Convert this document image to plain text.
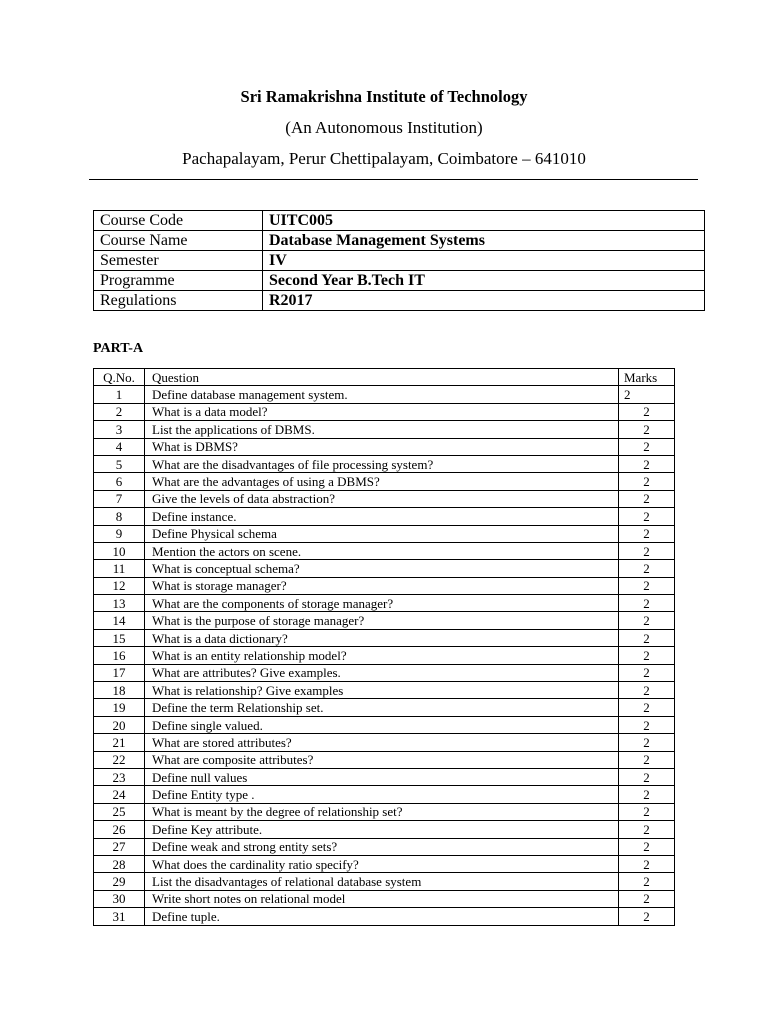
Sri Ramakrishna Institute of Technology
(An Autonomous Institution)
Pachapalayam, Perur Chettipalayam, Coimbatore – 641010
Course Code	UITC005
Course Name	Database Management Systems
Semester	IV
Programme	Second Year B.Tech IT
Regulations	R2017
PART-A
Q.No.	Question	Marks
1	Define database management system.	2
2	What is a data model?	2
3	List the applications of DBMS.	2
4	What is DBMS?	2
5	What are the disadvantages of file processing system?	2
6	What are the advantages of using a DBMS?	2
7	Give the levels of data abstraction?	2
8	Define instance.	2
9	Define Physical schema	2
10	Mention the actors on scene.	2
11	What is conceptual schema?	2
12	What is storage manager?	2
13	What are the components of storage manager?	2
14	What is the purpose of storage manager?	2
15	What is a data dictionary?	2
16	What is an entity relationship model?	2
17	What are attributes? Give examples.	2
18	What is relationship? Give examples	2
19	Define the term Relationship set.	2
20	Define single valued.	2
21	What are stored attributes?	2
22	What are composite attributes?	2
23	Define null values	2
24	Define Entity type .	2
25	What is meant by the degree of relationship set?	2
26	Define Key attribute.	2
27	Define weak and strong entity sets?	2
28	What does the cardinality ratio specify?	2
29	List the disadvantages of relational database system	2
30	Write short notes on relational model	2
31	Define tuple.	2
